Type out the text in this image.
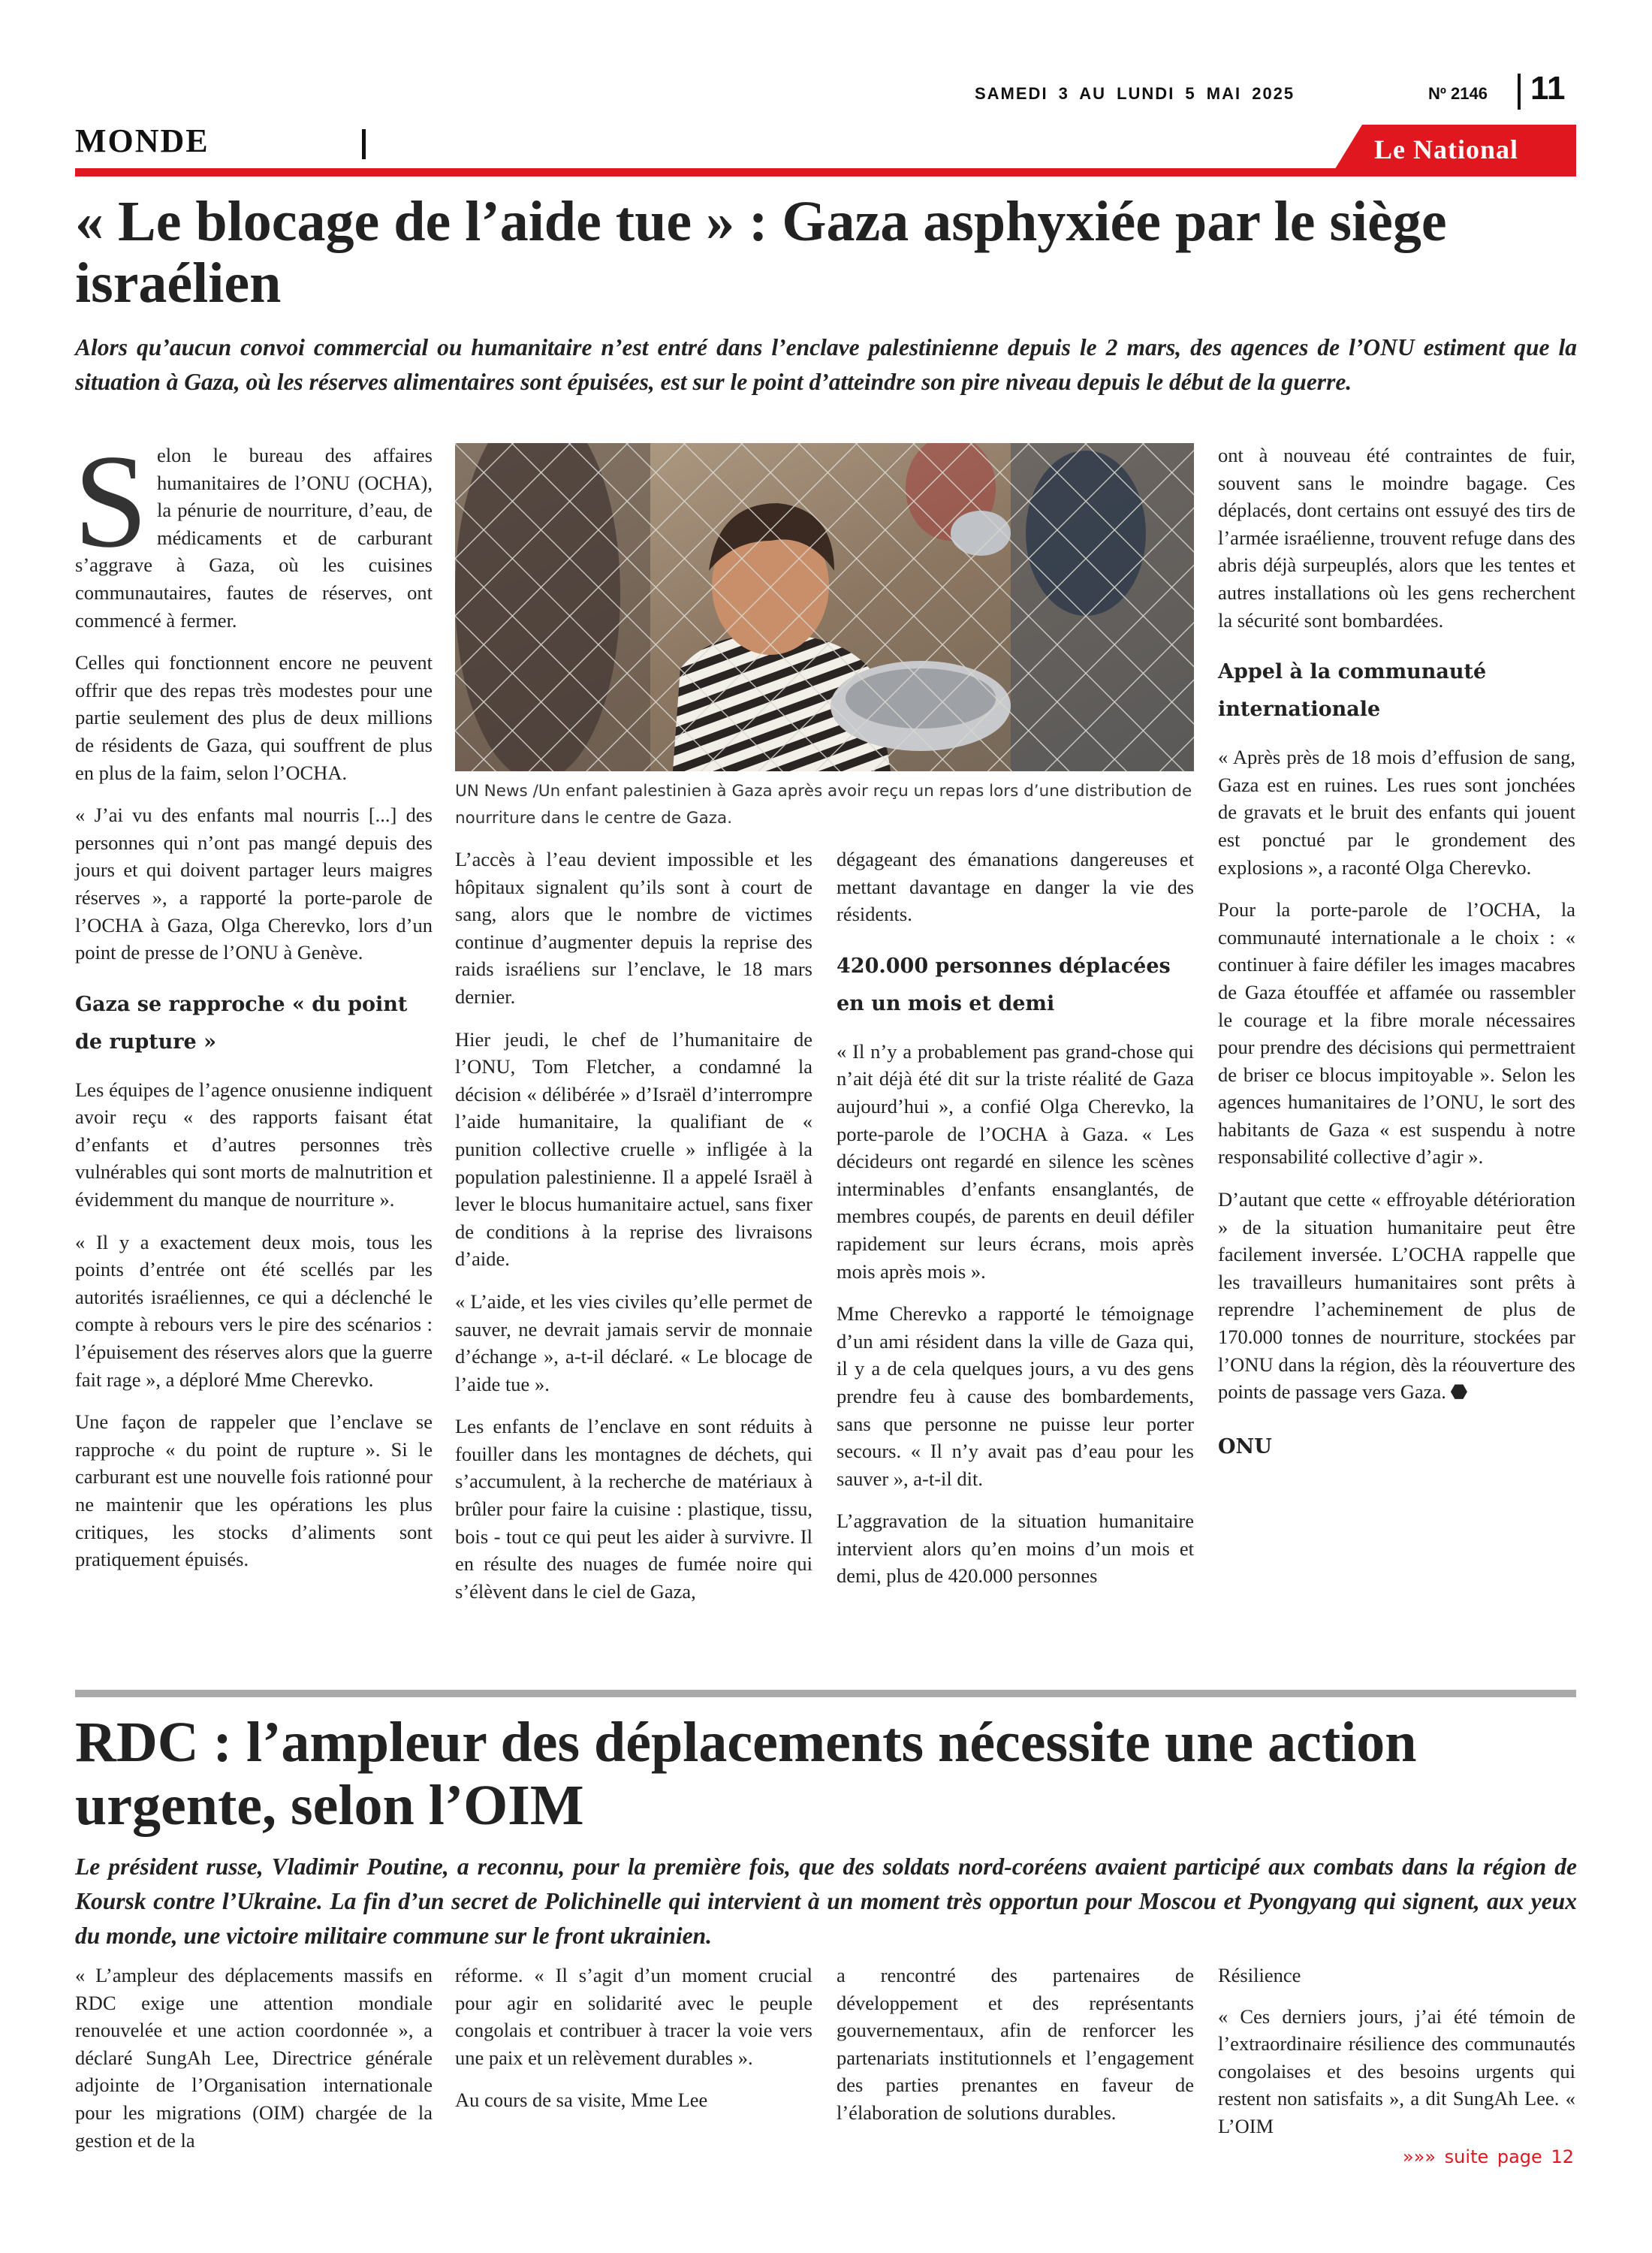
SAMEDI 3 AU LUNDI 5 MAI 2025	Nº 2146 11
MONDE	Le National
« Le blocage de l’aide tue » : Gaza asphyxiée par le siège israélien
Alors qu’aucun convoi commercial ou humanitaire n’est entré dans l’enclave palestinienne depuis le 2 mars, des agences de l’ONU estiment que la situation à Gaza, où les réserves alimentaires sont épuisées, est sur le point d’atteindre son pire niveau depuis le début de la guerre.

Selon le bureau des affaires humanitaires de l’ONU (OCHA), la pénurie de nourriture, d’eau, de médicaments et de carburant s’aggrave à Gaza, où les cuisines communautaires, fautes de réserves, ont commencé à fermer.

Celles qui fonctionnent encore ne peuvent offrir que des repas très modestes pour une partie seulement des plus de deux millions de résidents de Gaza, qui souffrent de plus en plus de la faim, selon l’OCHA.

« J’ai vu des enfants mal nourris [...] des personnes qui n’ont pas mangé depuis des jours et qui doivent partager leurs maigres réserves », a rapporté la porte-parole de l’OCHA à Gaza, Olga Cherevko, lors d’un point de presse de l’ONU à Genève.

Gaza se rapproche « du point de rupture »

Les équipes de l’agence onusienne indiquent avoir reçu « des rapports faisant état d’enfants et d’autres personnes très vulnérables qui sont morts de malnutrition et évidemment du manque de nourriture ».

« Il y a exactement deux mois, tous les points d’entrée ont été scellés par les autorités israéliennes, ce qui a déclenché le compte à rebours vers le pire des scénarios : l’épuisement des réserves alors que la guerre fait rage », a déploré Mme Cherevko.

Une façon de rappeler que l’enclave se rapproche « du point de rupture ». Si le carburant est une nouvelle fois rationné pour ne maintenir que les opérations les plus critiques, les stocks d’aliments sont pratiquement épuisés.

UN News /Un enfant palestinien à Gaza après avoir reçu un repas lors d’une distribution de nourriture dans le centre de Gaza.

L’accès à l’eau devient impossible et les hôpitaux signalent qu’ils sont à court de sang, alors que le nombre de victimes continue d’augmenter depuis la reprise des raids israéliens sur l’enclave, le 18 mars dernier.

Hier jeudi, le chef de l’humanitaire de l’ONU, Tom Fletcher, a condamné la décision « délibérée » d’Israël d’interrompre l’aide humanitaire, la qualifiant de « punition collective cruelle » infligée à la population palestinienne. Il a appelé Israël à lever le blocus humanitaire actuel, sans fixer de conditions à la reprise des livraisons d’aide.

« L’aide, et les vies civiles qu’elle permet de sauver, ne devrait jamais servir de monnaie d’échange », a-t-il déclaré. « Le blocage de l’aide tue ».

Les enfants de l’enclave en sont réduits à fouiller dans les montagnes de déchets, qui s’accumulent, à la recherche de matériaux à brûler pour faire la cuisine : plastique, tissu, bois - tout ce qui peut les aider à survivre. Il en résulte des nuages de fumée noire qui s’élèvent dans le ciel de Gaza,

dégageant des émanations dangereuses et mettant davantage en danger la vie des résidents.

420.000 personnes déplacées en un mois et demi

« Il n’y a probablement pas grand-chose qui n’ait déjà été dit sur la triste réalité de Gaza aujourd’hui », a confié Olga Cherevko, la porte-parole de l’OCHA à Gaza. « Les décideurs ont regardé en silence les scènes interminables d’enfants ensanglantés, de membres coupés, de parents en deuil défiler rapidement sur leurs écrans, mois après mois après mois ».

Mme Cherevko a rapporté le témoignage d’un ami résident dans la ville de Gaza qui, il y a de cela quelques jours, a vu des gens prendre feu à cause des bombardements, sans que personne ne puisse leur porter secours. « Il n’y avait pas d’eau pour les sauver », a-t-il dit.

L’aggravation de la situation humanitaire intervient alors qu’en moins d’un mois et demi, plus de 420.000 personnes

ont à nouveau été contraintes de fuir, souvent sans le moindre bagage. Ces déplacés, dont certains ont essuyé des tirs de l’armée israélienne, trouvent refuge dans des abris déjà surpeuplés, alors que les tentes et autres installations où les gens recherchent la sécurité sont bombardées.

Appel à la communauté internationale

« Après près de 18 mois d’effusion de sang, Gaza est en ruines. Les rues sont jonchées de gravats et le bruit des enfants qui jouent est ponctué par le grondement des explosions », a raconté Olga Cherevko.

Pour la porte-parole de l’OCHA, la communauté internationale a le choix : « continuer à faire défiler les images macabres de Gaza étouffée et affamée ou rassembler le courage et la fibre morale nécessaires pour prendre des décisions qui permettraient de briser ce blocus impitoyable ». Selon les agences humanitaires de l’ONU, le sort des habitants de Gaza « est suspendu à notre responsabilité collective d’agir ».

D’autant que cette « effroyable détérioration » de la situation humanitaire peut être facilement inversée. L’OCHA rappelle que les travailleurs humanitaires sont prêts à reprendre l’acheminement de plus de 170.000 tonnes de nourriture, stockées par l’ONU dans la région, dès la réouverture des points de passage vers Gaza.

ONU
RDC : l’ampleur des déplacements nécessite une action urgente, selon l’OIM
Le président russe, Vladimir Poutine, a reconnu, pour la première fois, que des soldats nord-coréens avaient participé aux combats dans la région de Koursk contre l’Ukraine. La fin d’un secret de Polichinelle qui intervient à un moment très opportun pour Moscou et Pyongyang qui signent, aux yeux du monde, une victoire militaire commune sur le front ukrainien.

« L’ampleur des déplacements massifs en RDC exige une attention mondiale renouvelée et une action coordonnée », a déclaré SungAh Lee, Directrice générale adjointe de l’Organisation internationale pour les migrations (OIM) chargée de la gestion et de la

réforme. « Il s’agit d’un moment crucial pour agir en solidarité avec le peuple congolais et contribuer à tracer la voie vers une paix et un relèvement durables ».

Au cours de sa visite, Mme Lee

a rencontré des partenaires de développement et des représentants gouvernementaux, afin de renforcer les partenariats institutionnels et l’engagement des parties prenantes en faveur de l’élaboration de solutions durables.

Résilience

« Ces derniers jours, j’ai été témoin de l’extraordinaire résilience des communautés congolaises et des besoins urgents qui restent non satisfaits », a dit SungAh Lee. « L’OIM

»»» suite page 12
